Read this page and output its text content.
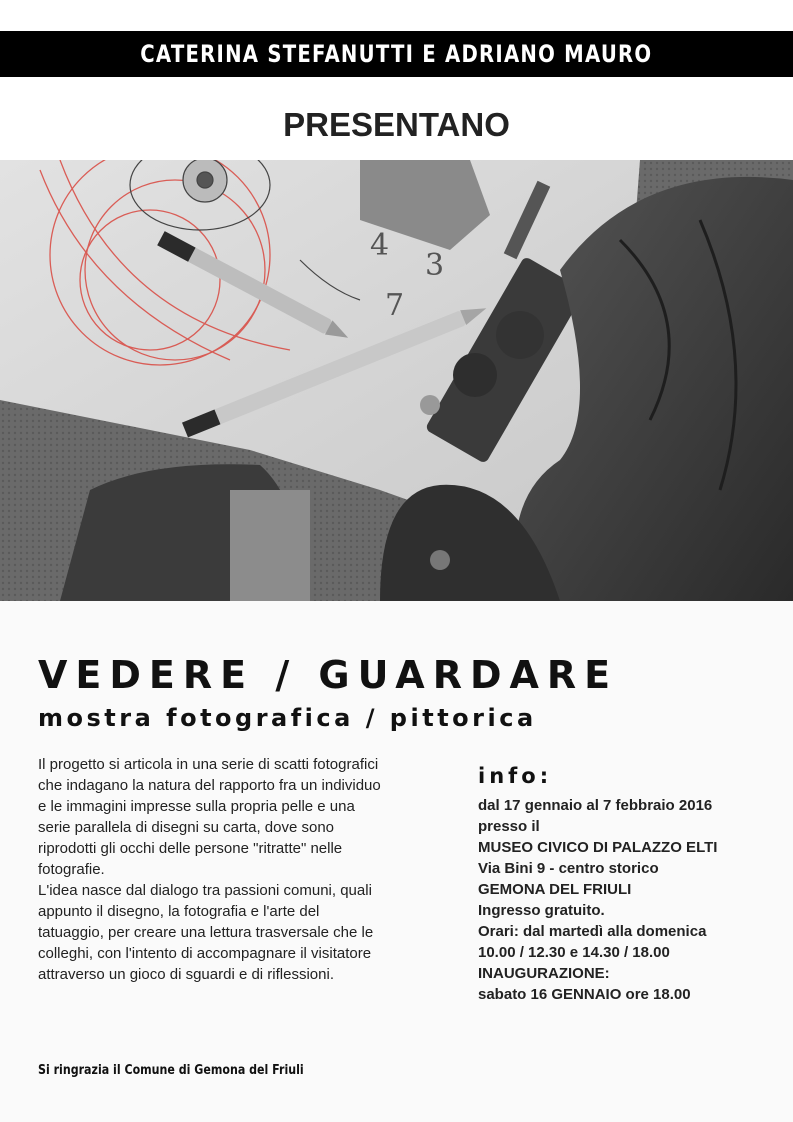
CATERINA STEFANUTTI E ADRIANO MAURO
PRESENTANO
4
3
7
VEDERE / GUARDARE
mostra fotografica / pittorica

Il progetto si articola in una serie di scatti fotografici che indagano la natura del rapporto fra un individuo e le immagini impresse sulla propria pelle e una serie parallela di disegni su carta, dove sono riprodotti gli occhi delle persone "ritratte" nelle fotografie.

L'idea nasce dal dialogo tra passioni comuni, quali appunto il disegno, la fotografia e l'arte del tatuaggio, per creare una lettura trasversale che le colleghi, con l'intento di accompagnare il visitatore attraverso un gioco di sguardi e di riflessioni.

info:
dal 17 gennaio al 7 febbraio 2016
presso il
MUSEO CIVICO DI PALAZZO ELTI
Via Bini 9 - centro storico
GEMONA DEL FRIULI
Ingresso gratuito.
Orari: dal martedì alla domenica
10.00 / 12.30 e 14.30 / 18.00
INAUGURAZIONE:
sabato 16 GENNAIO ore 18.00
Si ringrazia il Comune di Gemona del Friuli
